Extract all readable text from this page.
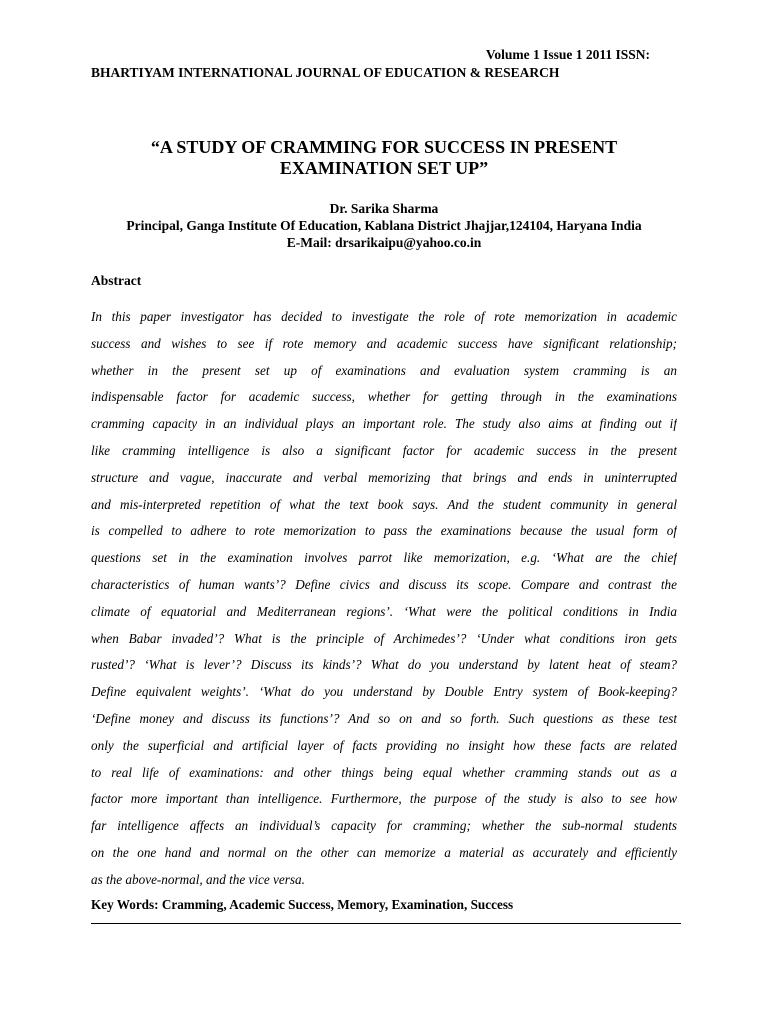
Volume 1 Issue 1 2011 ISSN:
BHARTIYAM INTERNATIONAL JOURNAL OF EDUCATION & RESEARCH
“A STUDY OF CRAMMING FOR SUCCESS IN PRESENT
EXAMINATION SET UP”
Dr. Sarika Sharma
Principal, Ganga Institute Of Education, Kablana District Jhajjar,124104, Haryana India
E-Mail: drsarikaipu@yahoo.co.in
Abstract
In this paper investigator has decided to investigate the role of rote memorization in academic
success and wishes to see if rote memory and academic success have significant relationship;
whether in the present set up of examinations and evaluation system cramming is an
indispensable factor for academic success, whether for getting through in the examinations
cramming capacity in an individual plays an important role. The study also aims at finding out if
like cramming intelligence is also a significant factor for academic success in the present
structure and vague, inaccurate and verbal memorizing that brings and ends in uninterrupted
and mis-interpreted repetition of what the text book says. And the student community in general
is compelled to adhere to rote memorization to pass the examinations because the usual form of
questions set in the examination involves parrot like memorization, e.g. ‘What are the chief
characteristics of human wants’? Define civics and discuss its scope. Compare and contrast the
climate of equatorial and Mediterranean regions’. ‘What were the political conditions in India
when Babar invaded’? What is the principle of Archimedes’? ‘Under what conditions iron gets
rusted’? ‘What is lever’? Discuss its kinds’? What do you understand by latent heat of steam?
Define equivalent weights’. ‘What do you understand by Double Entry system of Book-keeping?
‘Define money and discuss its functions’? And so on and so forth. Such questions as these test
only the superficial and artificial layer of facts providing no insight how these facts are related
to real life of examinations: and other things being equal whether cramming stands out as a
factor more important than intelligence. Furthermore, the purpose of the study is also to see how
far intelligence affects an individual’s capacity for cramming; whether the sub-normal students
on the one hand and normal on the other can memorize a material as accurately and efficiently
as the above-normal, and the vice versa.
Key Words: Cramming, Academic Success, Memory, Examination, Success
